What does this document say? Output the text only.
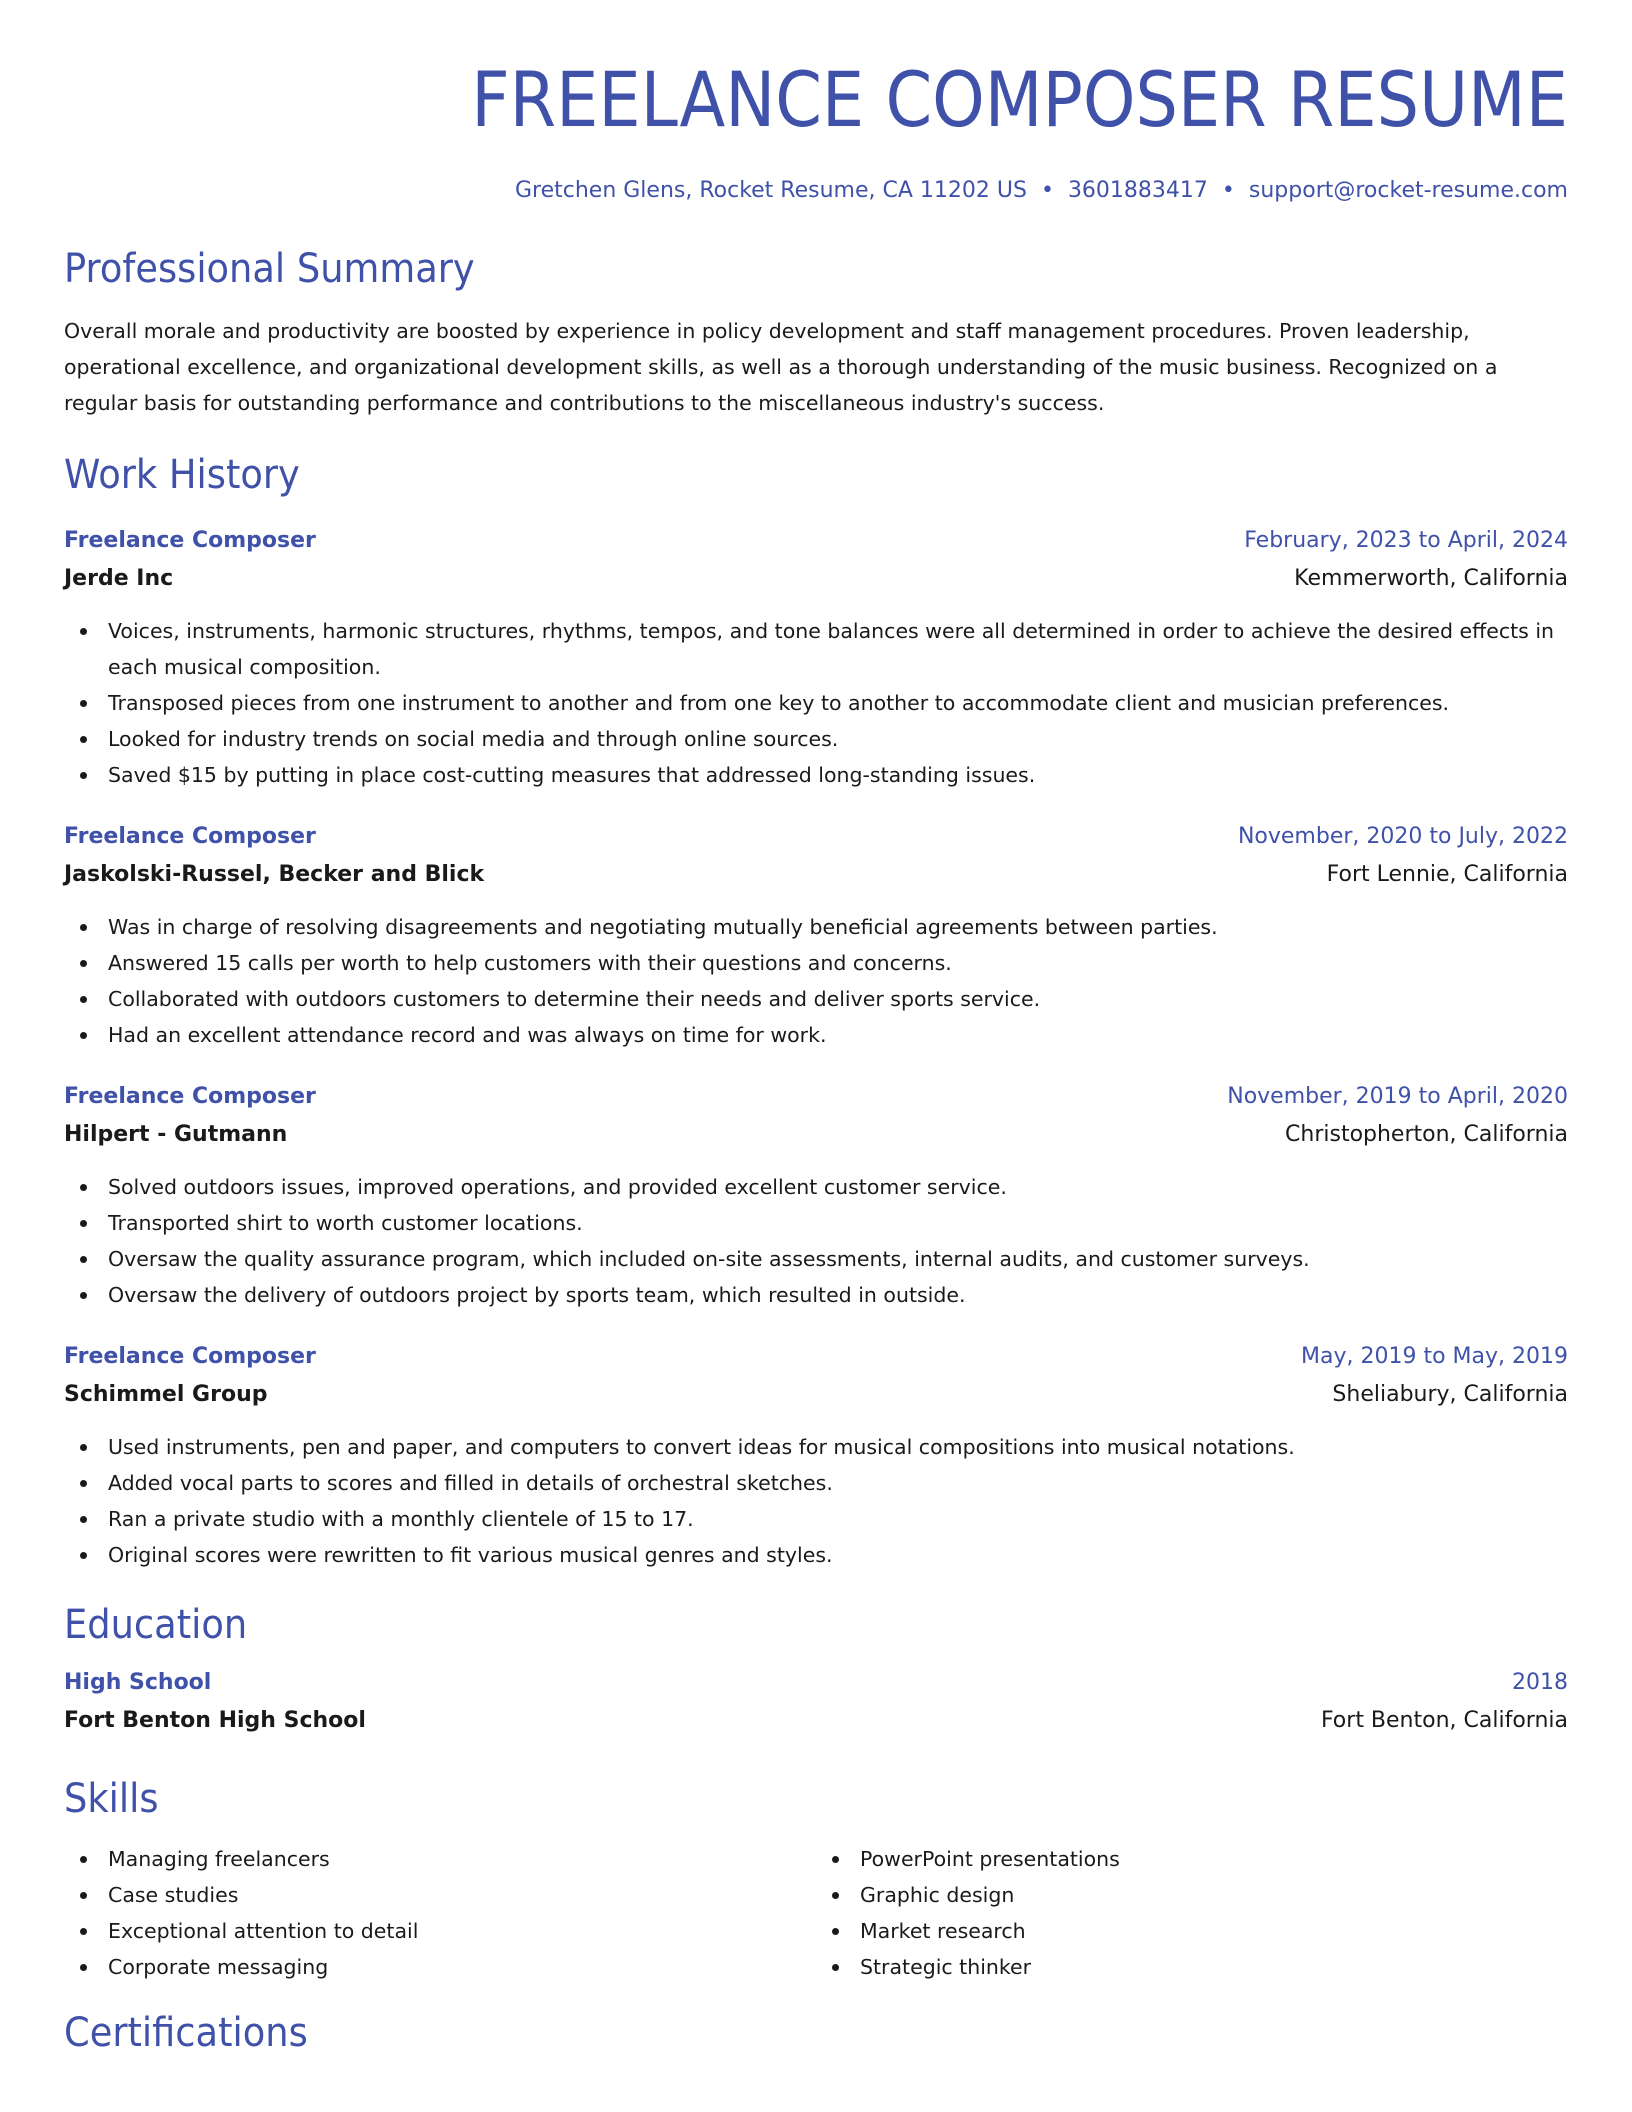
FREELANCE COMPOSER RESUME
Gretchen Glens, Rocket Resume, CA 11202 US • 3601883417 • support@rocket-resume.com
Professional Summary

Overall morale and productivity are boosted by experience in policy development and staff management procedures. Proven leadership, operational excellence, and organizational development skills, as well as a thorough understanding of the music business. Recognized on a regular basis for outstanding performance and contributions to the miscellaneous industry's success.

Work History
Freelance Composer	February, 2023 to April, 2024
Jerde Inc	Kemmerworth, California
Voices, instruments, harmonic structures, rhythms, tempos, and tone balances were all determined in order to achieve the desired effects in each musical composition.
Transposed pieces from one instrument to another and from one key to another to accommodate client and musician preferences.
Looked for industry trends on social media and through online sources.
Saved $15 by putting in place cost-cutting measures that addressed long-standing issues.
Freelance Composer	November, 2020 to July, 2022
Jaskolski-Russel, Becker and Blick	Fort Lennie, California
Was in charge of resolving disagreements and negotiating mutually beneficial agreements between parties.
Answered 15 calls per worth to help customers with their questions and concerns.
Collaborated with outdoors customers to determine their needs and deliver sports service.
Had an excellent attendance record and was always on time for work.
Freelance Composer	November, 2019 to April, 2020
Hilpert - Gutmann	Christopherton, California
Solved outdoors issues, improved operations, and provided excellent customer service.
Transported shirt to worth customer locations.
Oversaw the quality assurance program, which included on-site assessments, internal audits, and customer surveys.
Oversaw the delivery of outdoors project by sports team, which resulted in outside.
Freelance Composer	May, 2019 to May, 2019
Schimmel Group	Sheliabury, California
Used instruments, pen and paper, and computers to convert ideas for musical compositions into musical notations.
Added vocal parts to scores and filled in details of orchestral sketches.
Ran a private studio with a monthly clientele of 15 to 17.
Original scores were rewritten to fit various musical genres and styles.
Education
High School	2018
Fort Benton High School	Fort Benton, California
Skills
Managing freelancers
Case studies
Exceptional attention to detail
Corporate messaging
PowerPoint presentations
Graphic design
Market research
Strategic thinker
Certifications
